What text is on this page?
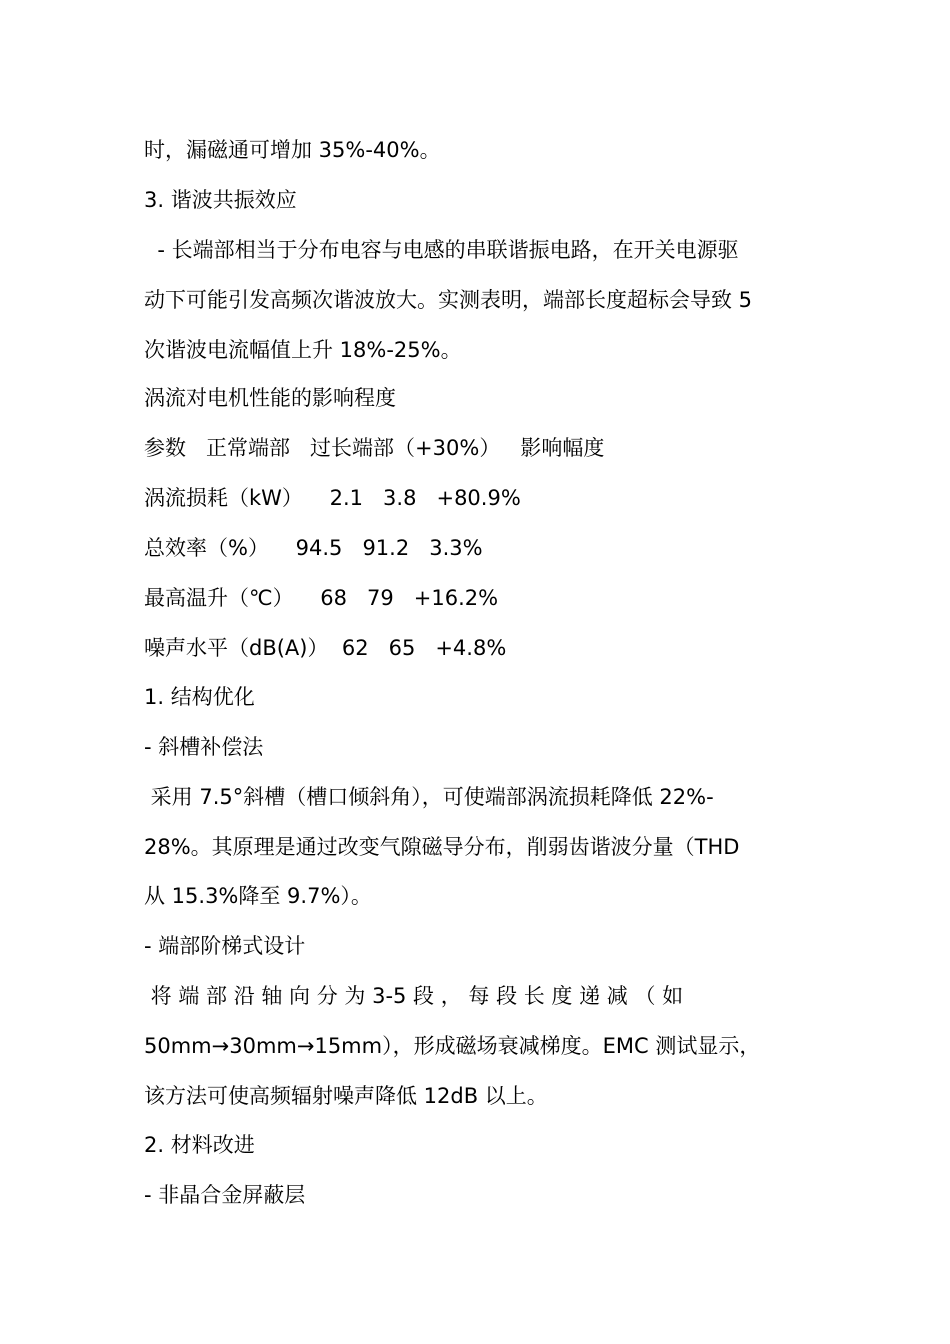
时，漏磁通可增加 35%-40%。

3. 谐波共振效应

- 长端部相当于分布电容与电感的串联谐振电路，在开关电源驱

动下可能引发高频次谐波放大。实测表明，端部长度超标会导致 5

次谐波电流幅值上升 18%-25%。

涡流对电机性能的影响程度

参数   正常端部   过长端部（+30%）   影响幅度

涡流损耗（kW）    2.1   3.8   +80.9%

总效率（%）    94.5   91.2   3.3%

最高温升（℃）    68   79   +16.2%

噪声水平（dB(A)）  62   65   +4.8%

1. 结构优化

- 斜槽补偿法

采用 7.5°斜槽（槽口倾斜角），可使端部涡流损耗降低 22%-

28%。其原理是通过改变气隙磁导分布，削弱齿谐波分量（THD

从 15.3%降至 9.7%）。

- 端部阶梯式设计

将 端 部 沿 轴 向 分 为 3-5 段 ， 每 段 长 度 递 减 （ 如

50mm→30mm→15mm），形成磁场衰减梯度。EMC 测试显示，

该方法可使高频辐射噪声降低 12dB 以上。

2. 材料改进

- 非晶合金屏蔽层
